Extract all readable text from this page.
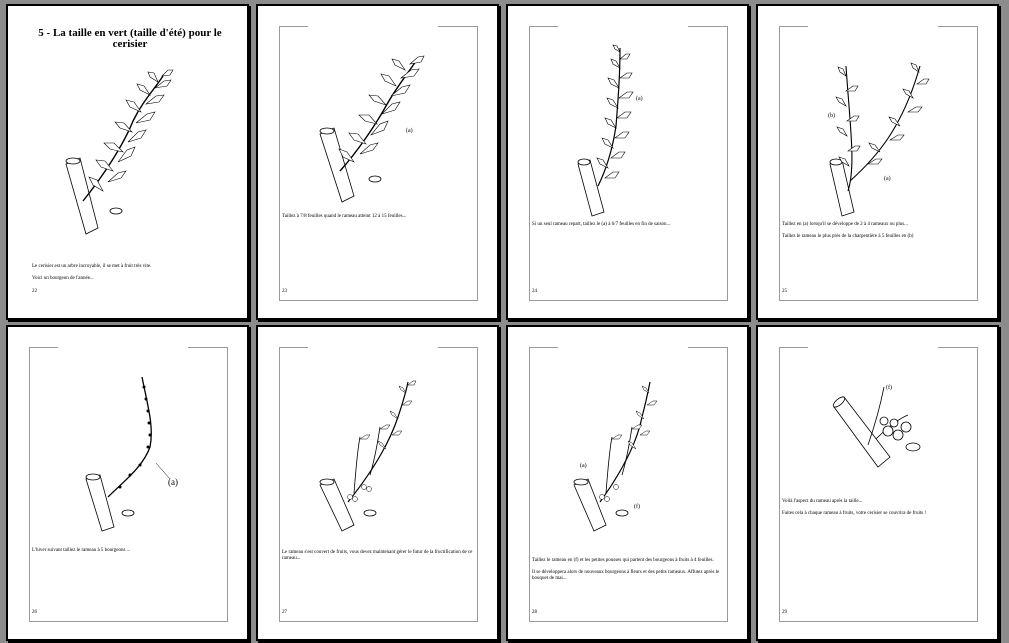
5 - La taille en vert (taille d'été) pour le cerisier

Le cerisier est un arbre incroyable, il se met à fruit très vite.

Voici un bourgeon de l'année...

22
(a)

Taillez à 7/8 feuilles quand le rameau atteint 12 à 15 feuilles...

23
(a)

Si un seul rameau repart, taillez le (a) à 6/7 feuilles en fin de saison...

24
(b)
(a)

Taillez en (a) lorsqu'il se développe de 2 à 4 rameaux ou plus...

Taillez le rameau le plus près de la charpentière à 5 feuilles en (b)

25
(a)

L'hiver suivant taillez le rameau à 5 bourgeons ...

26

Le rameau s'est couvert de fruits, vous devez maintenant gérer le futur de la fructification de ce rameau...

27
(a)
(f)

Taillez le rameau en (f) et les petites pousses qui partent des bourgeons à fruits à 4 feuilles.

Il se développera alors de nouveaux bourgeons à fleurs et des petits rameaux. Affutez après le bouquet de mai...

28
(f)

Voilà l'aspect du rameau après la taille...

Faites cela à chaque rameau à fruits, votre cerisier se couvrira de fruits !

29
